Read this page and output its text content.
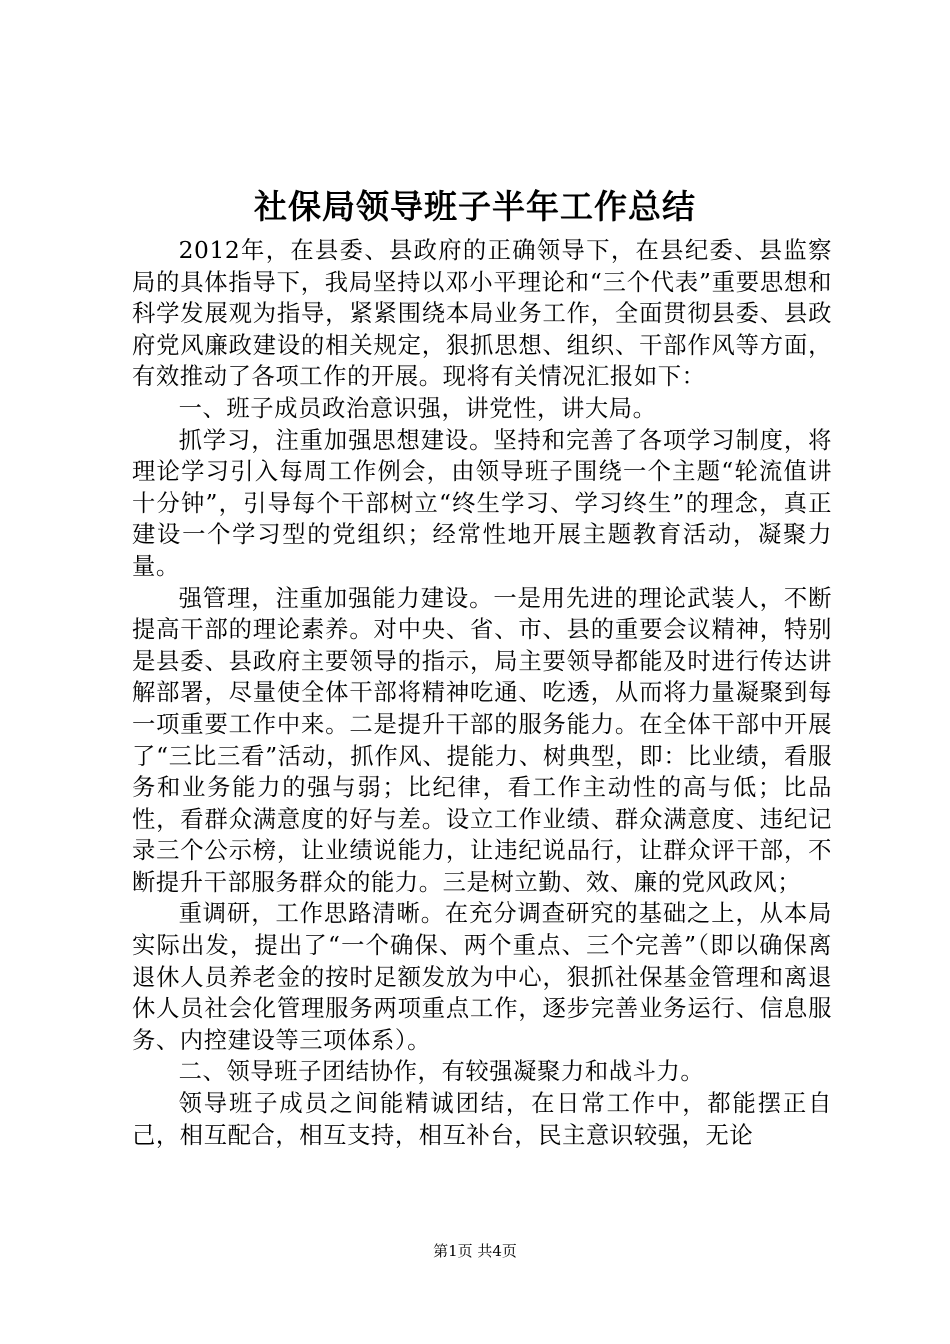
社保局领导班子半年工作总结

2012年，在县委、县政府的正确领导下，在县纪委、县监察局的具体指导下，我局坚持以邓小平理论和“三个代表”重要思想和科学发展观为指导，紧紧围绕本局业务工作，全面贯彻县委、县政府党风廉政建设的相关规定，狠抓思想、组织、干部作风等方面，有效推动了各项工作的开展。现将有关情况汇报如下：

一、班子成员政治意识强，讲党性，讲大局。

抓学习，注重加强思想建设。坚持和完善了各项学习制度，将理论学习引入每周工作例会，由领导班子围绕一个主题“轮流值讲十分钟”，引导每个干部树立“终生学习、学习终生”的理念，真正建设一个学习型的党组织；经常性地开展主题教育活动，凝聚力量。

强管理，注重加强能力建设。一是用先进的理论武装人，不断提高干部的理论素养。对中央、省、市、县的重要会议精神，特别是县委、县政府主要领导的指示，局主要领导都能及时进行传达讲解部署，尽量使全体干部将精神吃通、吃透，从而将力量凝聚到每一项重要工作中来。二是提升干部的服务能力。在全体干部中开展了“三比三看”活动，抓作风、提能力、树典型，即：比业绩，看服务和业务能力的强与弱；比纪律，看工作主动性的高与低；比品性，看群众满意度的好与差。设立工作业绩、群众满意度、违纪记录三个公示榜，让业绩说能力，让违纪说品行，让群众评干部，不断提升干部服务群众的能力。三是树立勤、效、廉的党风政风；

重调研，工作思路清晰。在充分调查研究的基础之上，从本局实际出发，提出了“一个确保、两个重点、三个完善”（即以确保离退休人员养老金的按时足额发放为中心，狠抓社保基金管理和离退休人员社会化管理服务两项重点工作，逐步完善业务运行、信息服务、内控建设等三项体系）。

二、领导班子团结协作，有较强凝聚力和战斗力。

领导班子成员之间能精诚团结，在日常工作中，都能摆正自己，相互配合，相互支持，相互补台，民主意识较强，无论

第1页 共4页
